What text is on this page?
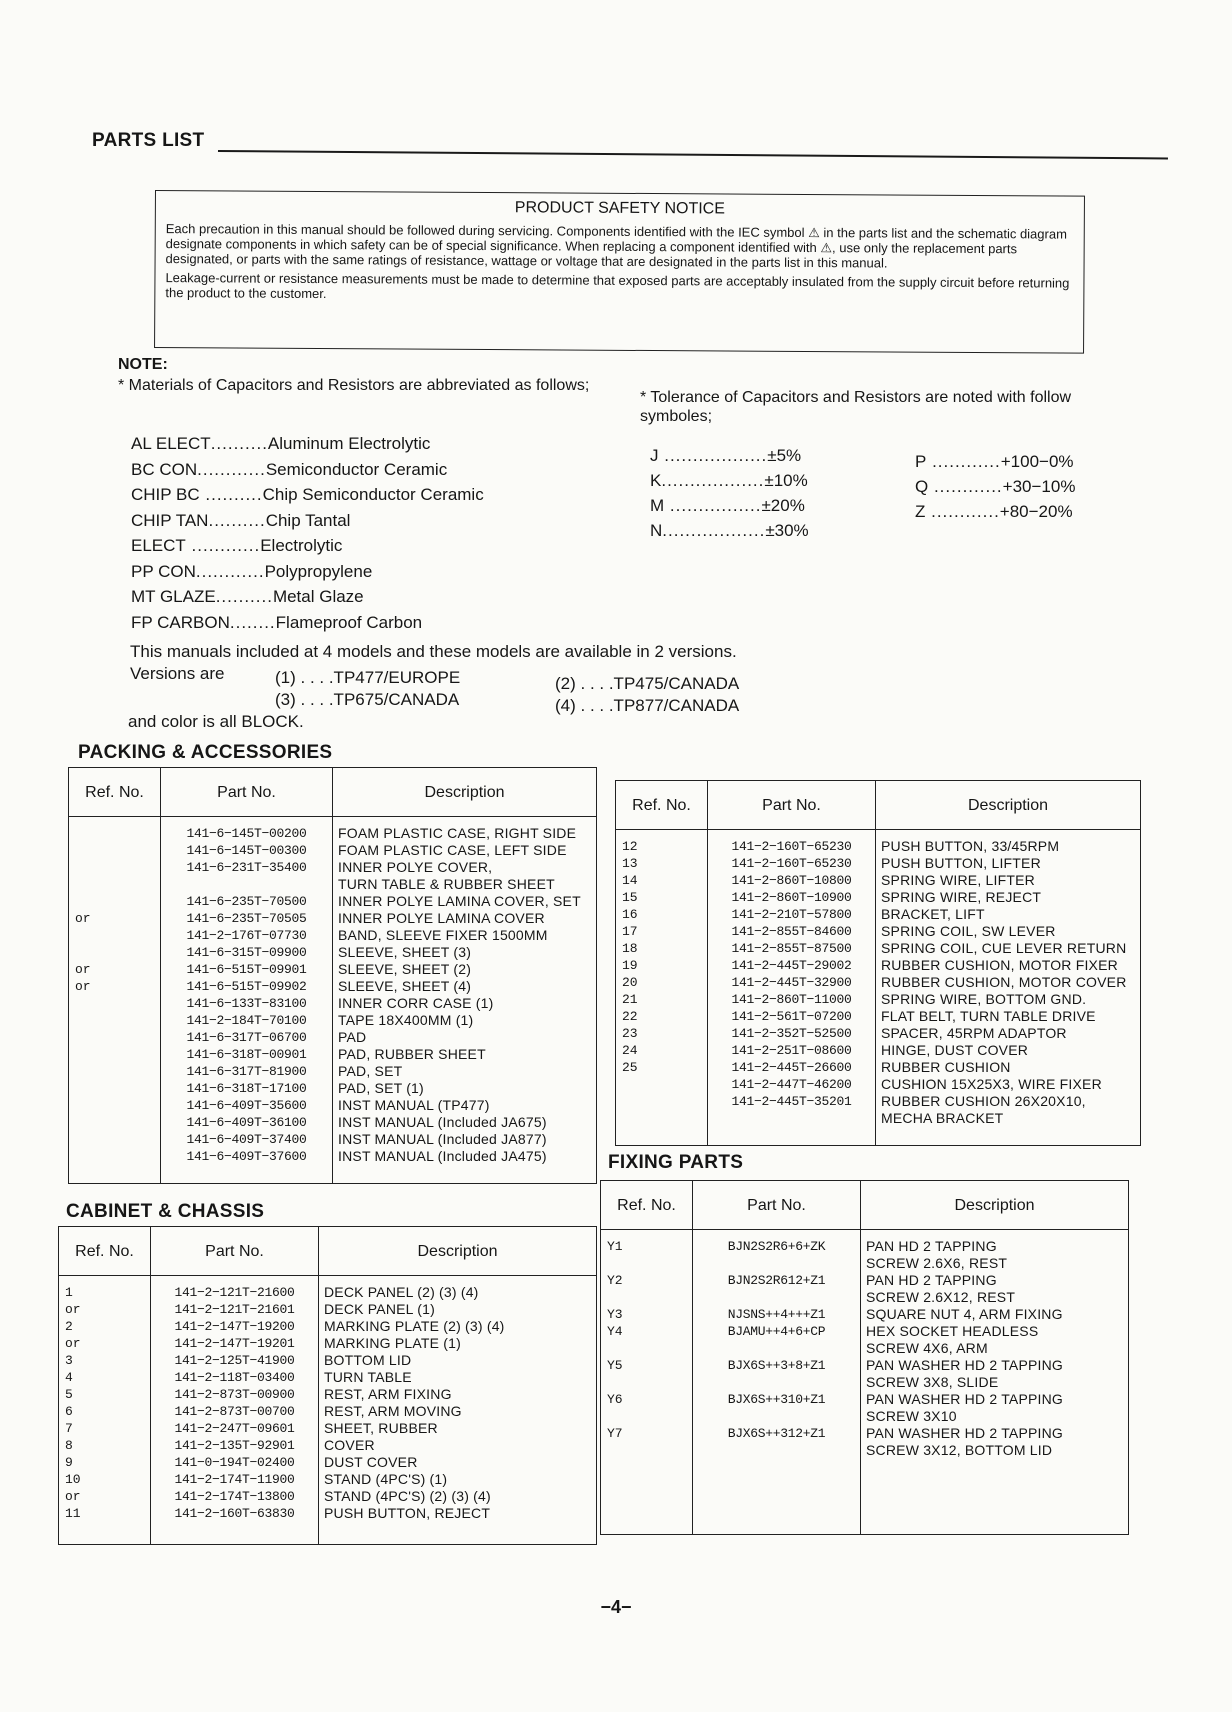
PARTS LIST
PRODUCT SAFETY NOTICE

Each precaution in this manual should be followed during servicing. Components identified with the IEC symbol ⚠ in the parts list and the schematic diagram designate components in which safety can be of special significance. When replacing a component identified with ⚠, use only the replacement parts designated, or parts with the same ratings of resistance, wattage or voltage that are designated in the parts list in this manual.

Leakage-current or resistance measurements must be made to determine that exposed parts are acceptably insulated from the supply circuit before returning the product to the customer.

NOTE:
* Materials of Capacitors and Resistors are abbreviated as follows;
* Tolerance of Capacitors and Resistors are noted with follow symboles;
AL ELECT..........Aluminum Electrolytic
BC CON............Semiconductor Ceramic
CHIP BC ..........Chip Semiconductor Ceramic
CHIP TAN..........Chip Tantal
ELECT ............Electrolytic
PP CON............Polypropylene
MT GLAZE..........Metal Glaze
FP CARBON........Flameproof Carbon
J ..................±5%
K..................±10%
M ................±20%
N..................±30%
P ............+100−0%
Q ............+30−10%
Z ............+80−20%
This manuals included at 4 models and these models are available in 2 versions.
Versions are	(1) . . . .TP477/EUROPE	(2) . . . .TP475/CANADA
(3) . . . .TP675/CANADA	(4) . . . .TP877/CANADA
and color is all BLOCK.
PACKING & ACCESSORIES
Ref. No.	Part No.	Description

	141−6−145T−00200	FOAM PLASTIC CASE, RIGHT SIDE
	141−6−145T−00300	FOAM PLASTIC CASE, LEFT SIDE
	141−6−231T−35400	INNER POLYE COVER,
		TURN TABLE & RUBBER SHEET
	141−6−235T−70500	INNER POLYE LAMINA COVER, SET
or	141−6−235T−70505	INNER POLYE LAMINA COVER
	141−2−176T−07730	BAND, SLEEVE FIXER 1500MM
	141−6−315T−09900	SLEEVE, SHEET (3)
or	141−6−515T−09901	SLEEVE, SHEET (2)
or	141−6−515T−09902	SLEEVE, SHEET (4)
	141−6−133T−83100	INNER CORR CASE (1)
	141−2−184T−70100	TAPE 18X400MM (1)
	141−6−317T−06700	PAD
	141−6−318T−00901	PAD, RUBBER SHEET
	141−6−317T−81900	PAD, SET
	141−6−318T−17100	PAD, SET (1)
	141−6−409T−35600	INST MANUAL (TP477)
	141−6−409T−36100	INST MANUAL (Included JA675)
	141−6−409T−37400	INST MANUAL (Included JA877)
	141−6−409T−37600	INST MANUAL (Included JA475)

CABINET & CHASSIS
Ref. No.	Part No.	Description

1	141−2−121T−21600	DECK PANEL (2) (3) (4)
or	141−2−121T−21601	DECK PANEL (1)
2	141−2−147T−19200	MARKING PLATE (2) (3) (4)
or	141−2−147T−19201	MARKING PLATE (1)
3	141−2−125T−41900	BOTTOM LID
4	141−2−118T−03400	TURN TABLE
5	141−2−873T−00900	REST, ARM FIXING
6	141−2−873T−00700	REST, ARM MOVING
7	141−2−247T−09601	SHEET, RUBBER
8	141−2−135T−92901	COVER
9	141−0−194T−02400	DUST COVER
10	141−2−174T−11900	STAND (4PC'S) (1)
or	141−2−174T−13800	STAND (4PC'S) (2) (3) (4)
11	141−2−160T−63830	PUSH BUTTON, REJECT

Ref. No.	Part No.	Description

12	141−2−160T−65230	PUSH BUTTON, 33/45RPM
13	141−2−160T−65230	PUSH BUTTON, LIFTER
14	141−2−860T−10800	SPRING WIRE, LIFTER
15	141−2−860T−10900	SPRING WIRE, REJECT
16	141−2−210T−57800	BRACKET, LIFT
17	141−2−855T−84600	SPRING COIL, SW LEVER
18	141−2−855T−87500	SPRING COIL, CUE LEVER RETURN
19	141−2−445T−29002	RUBBER CUSHION, MOTOR FIXER
20	141−2−445T−32900	RUBBER CUSHION, MOTOR COVER
21	141−2−860T−11000	SPRING WIRE, BOTTOM GND.
22	141−2−561T−07200	FLAT BELT, TURN TABLE DRIVE
23	141−2−352T−52500	SPACER, 45RPM ADAPTOR
24	141−2−251T−08600	HINGE, DUST COVER
25	141−2−445T−26600	RUBBER CUSHION
	141−2−447T−46200	CUSHION 15X25X3, WIRE FIXER
	141−2−445T−35201	RUBBER CUSHION 26X20X10,
		MECHA BRACKET

FIXING PARTS
Ref. No.	Part No.	Description

Y1	BJN2S2R6+6+ZK	PAN HD 2 TAPPING
		SCREW 2.6X6, REST
Y2	BJN2S2R612+Z1	PAN HD 2 TAPPING
		SCREW 2.6X12, REST
Y3	NJSNS++4+++Z1	SQUARE NUT 4, ARM FIXING
Y4	BJAMU++4+6+CP	HEX SOCKET HEADLESS
		SCREW 4X6, ARM
Y5	BJX6S++3+8+Z1	PAN WASHER HD 2 TAPPING
		SCREW 3X8, SLIDE
Y6	BJX6S++310+Z1	PAN WASHER HD 2 TAPPING
		SCREW 3X10
Y7	BJX6S++312+Z1	PAN WASHER HD 2 TAPPING
		SCREW 3X12, BOTTOM LID

−4−
